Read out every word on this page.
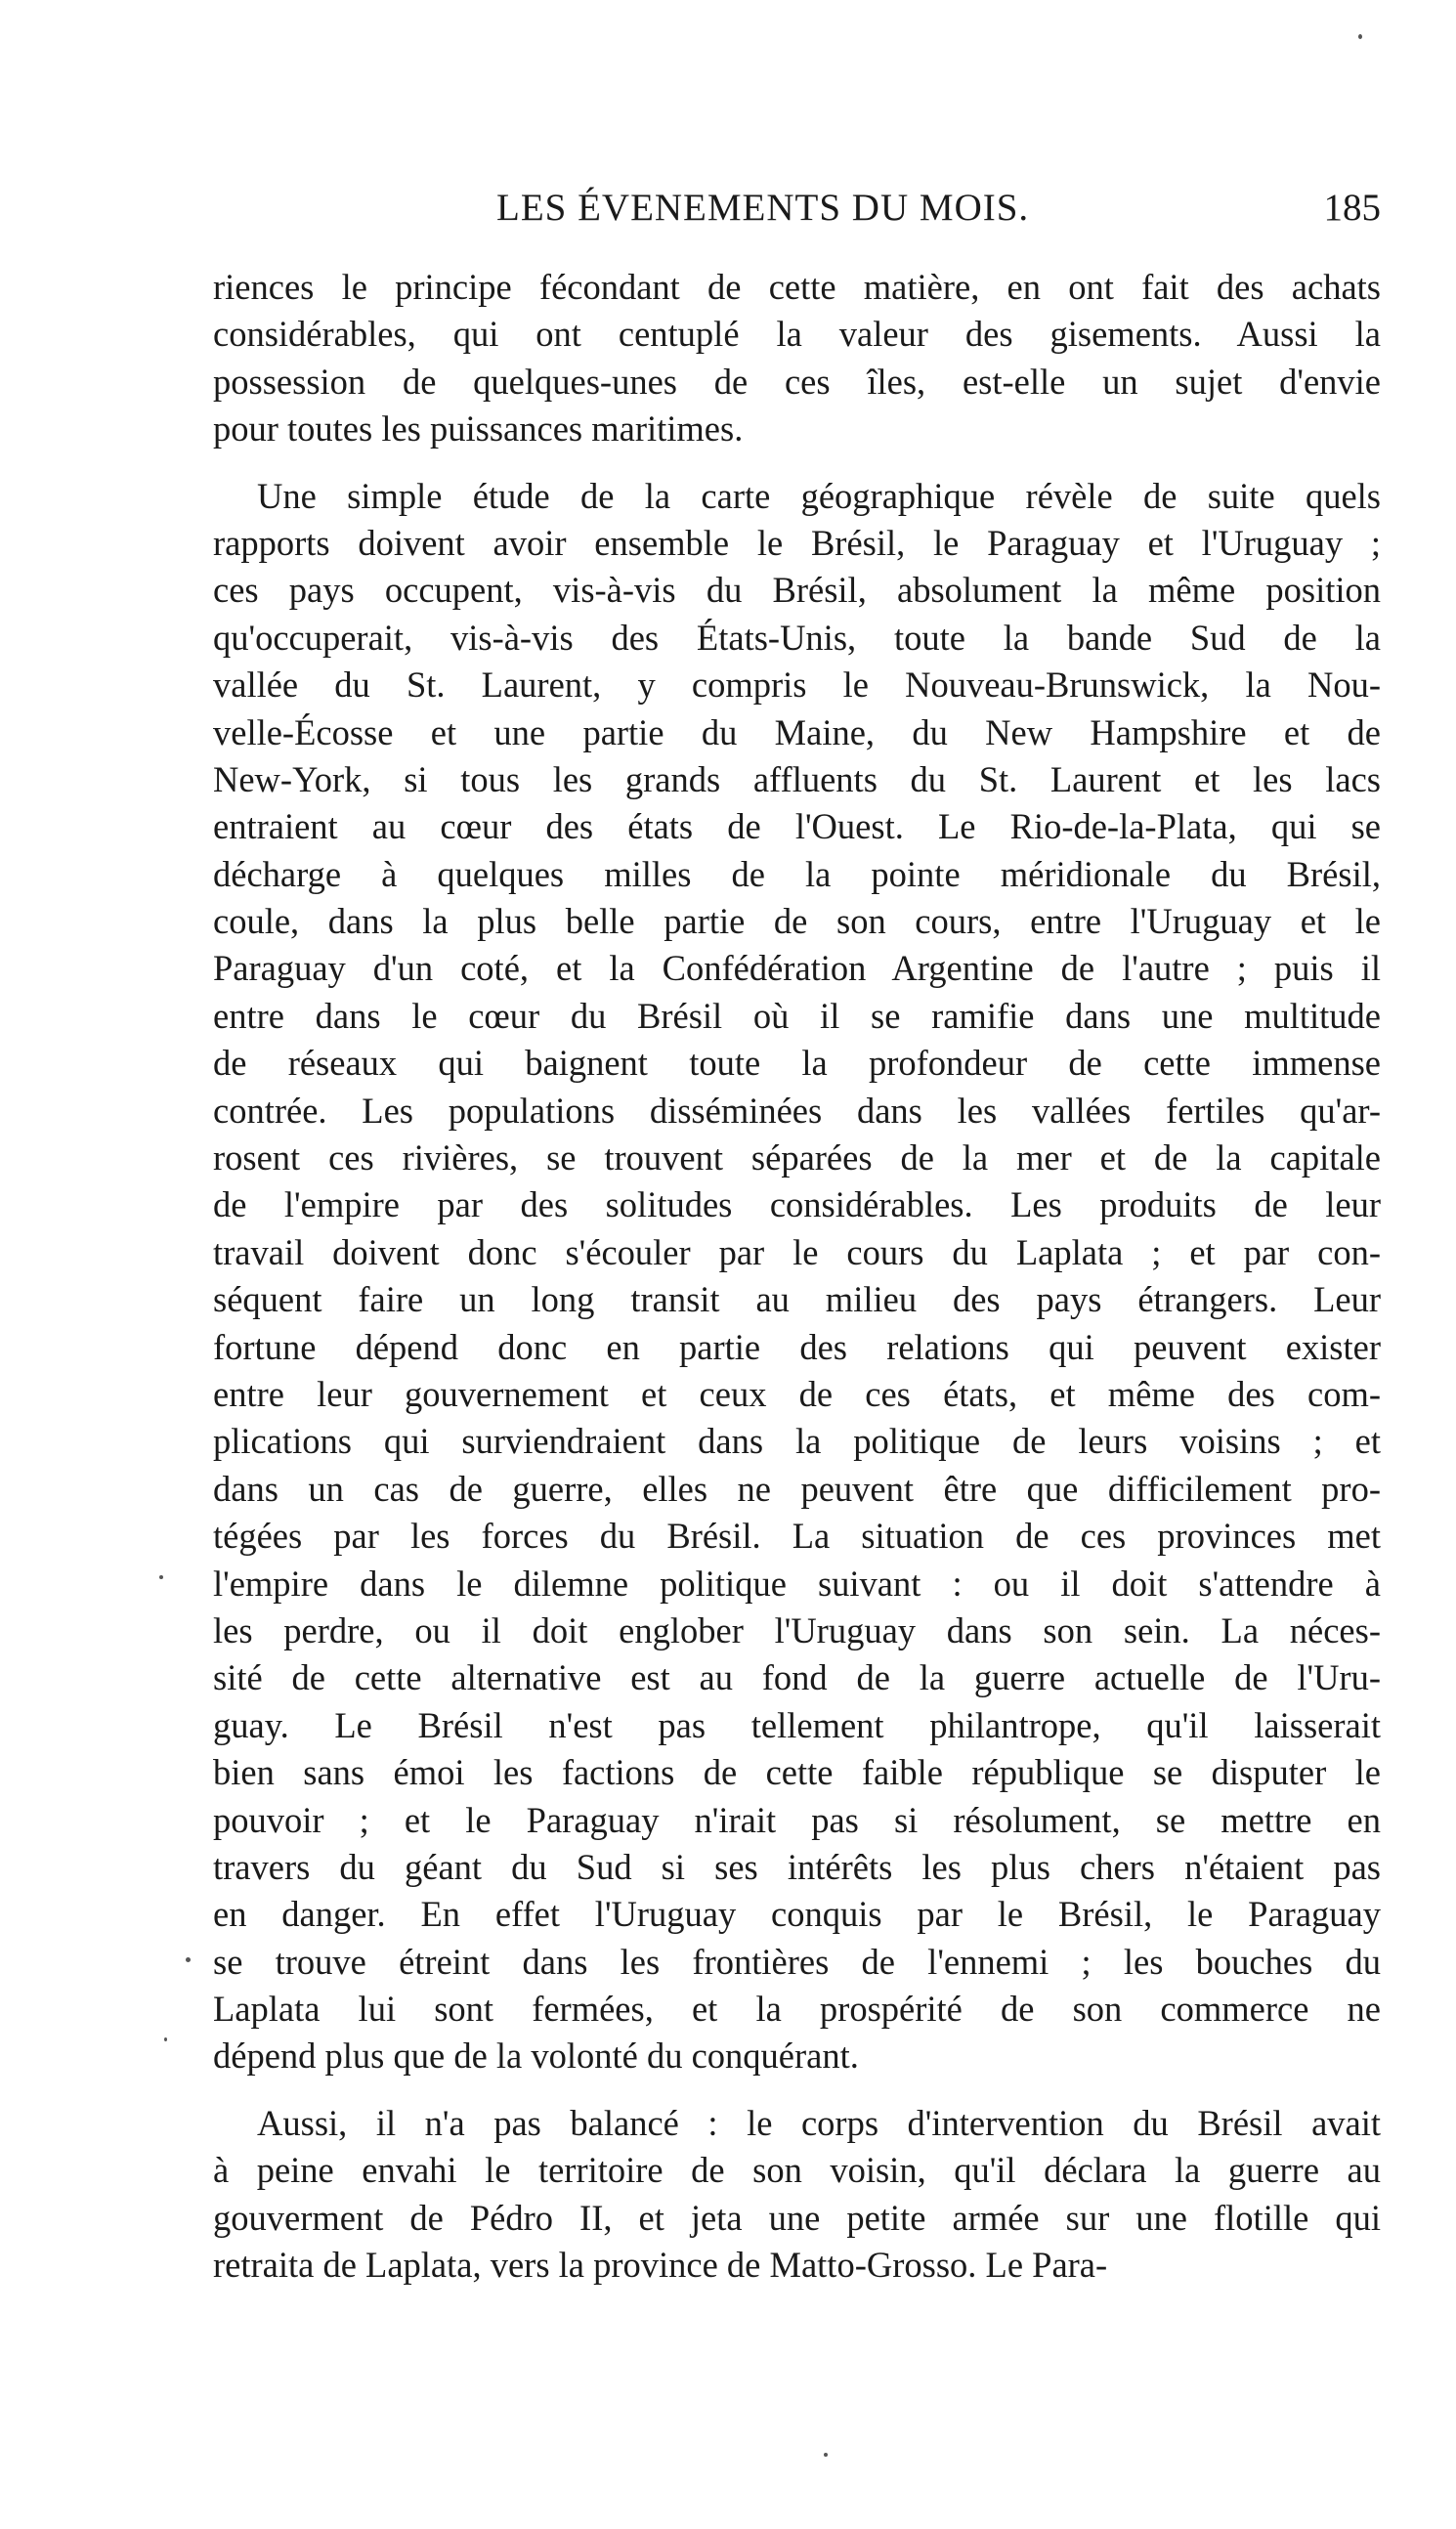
LES ÉVENEMENTS DU MOIS.	185
riences le principe fécondant de cette matière, en ont fait des achats
considérables, qui ont centuplé la valeur des gisements. Aussi la
possession de quelques-unes de ces îles, est-elle un sujet d'envie
pour toutes les puissances maritimes.
Une simple étude de la carte géographique révèle de suite quels
rapports doivent avoir ensemble le Brésil, le Paraguay et l'Uruguay ;
ces pays occupent, vis-à-vis du Brésil, absolument la même position
qu'occuperait, vis-à-vis des États-Unis, toute la bande Sud de la
vallée du St. Laurent, y compris le Nouveau-Brunswick, la Nou-
velle-Écosse et une partie du Maine, du New Hampshire et de
New-York, si tous les grands affluents du St. Laurent et les lacs
entraient au cœur des états de l'Ouest. Le Rio-de-la-Plata, qui se
décharge à quelques milles de la pointe méridionale du Brésil,
coule, dans la plus belle partie de son cours, entre l'Uruguay et le
Paraguay d'un coté, et la Confédération Argentine de l'autre ; puis il
entre dans le cœur du Brésil où il se ramifie dans une multitude
de réseaux qui baignent toute la profondeur de cette immense
contrée. Les populations disséminées dans les vallées fertiles qu'ar-
rosent ces rivières, se trouvent séparées de la mer et de la capitale
de l'empire par des solitudes considérables. Les produits de leur
travail doivent donc s'écouler par le cours du Laplata ; et par con-
séquent faire un long transit au milieu des pays étrangers. Leur
fortune dépend donc en partie des relations qui peuvent exister
entre leur gouvernement et ceux de ces états, et même des com-
plications qui surviendraient dans la politique de leurs voisins ; et
dans un cas de guerre, elles ne peuvent être que difficilement pro-
tégées par les forces du Brésil. La situation de ces provinces met
l'empire dans le dilemne politique suivant : ou il doit s'attendre à
les perdre, ou il doit englober l'Uruguay dans son sein. La néces-
sité de cette alternative est au fond de la guerre actuelle de l'Uru-
guay. Le Brésil n'est pas tellement philantrope, qu'il laisserait
bien sans émoi les factions de cette faible république se disputer le
pouvoir ; et le Paraguay n'irait pas si résolument, se mettre en
travers du géant du Sud si ses intérêts les plus chers n'étaient pas
en danger. En effet l'Uruguay conquis par le Brésil, le Paraguay
se trouve étreint dans les frontières de l'ennemi ; les bouches du
Laplata lui sont fermées, et la prospérité de son commerce ne
dépend plus que de la volonté du conquérant.
Aussi, il n'a pas balancé : le corps d'intervention du Brésil avait
à peine envahi le territoire de son voisin, qu'il déclara la guerre au
gouverment de Pédro II, et jeta une petite armée sur une flotille qui
retraita de Laplata, vers la province de Matto-Grosso. Le Para-
